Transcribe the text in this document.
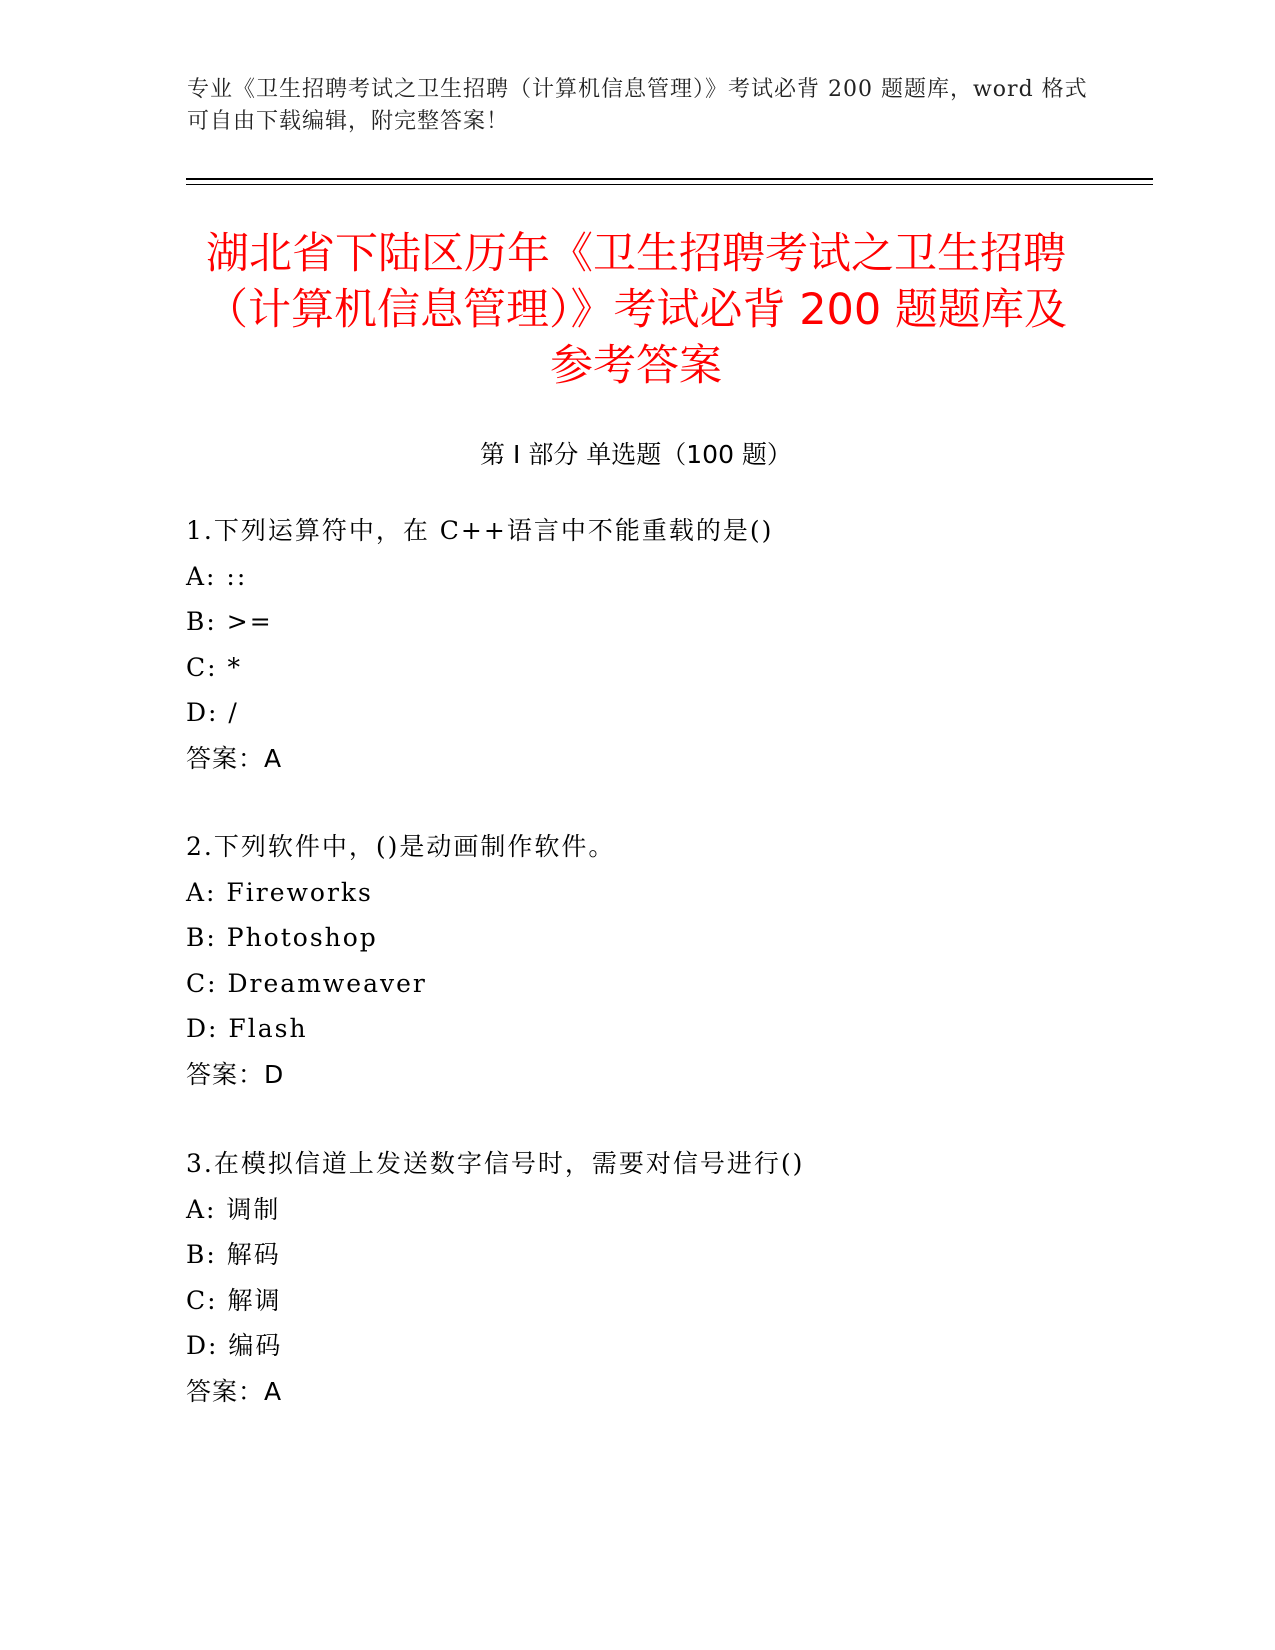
专业《卫生招聘考试之卫生招聘（计算机信息管理）》考试必背 200 题题库，word 格式可自由下载编辑，附完整答案！
湖北省下陆区历年《卫生招聘考试之卫生招聘（计算机信息管理）》考试必背 200 题题库及参考答案
第 I 部分 单选题（100 题）
1.下列运算符中，在 C++语言中不能重载的是()
A: ::
B: >=
C: *
D: /
答案：A
2.下列软件中，()是动画制作软件。
A: Fireworks
B: Photoshop
C: Dreamweaver
D: Flash
答案：D
3.在模拟信道上发送数字信号时，需要对信号进行()
A: 调制
B: 解码
C: 解调
D: 编码
答案：A
